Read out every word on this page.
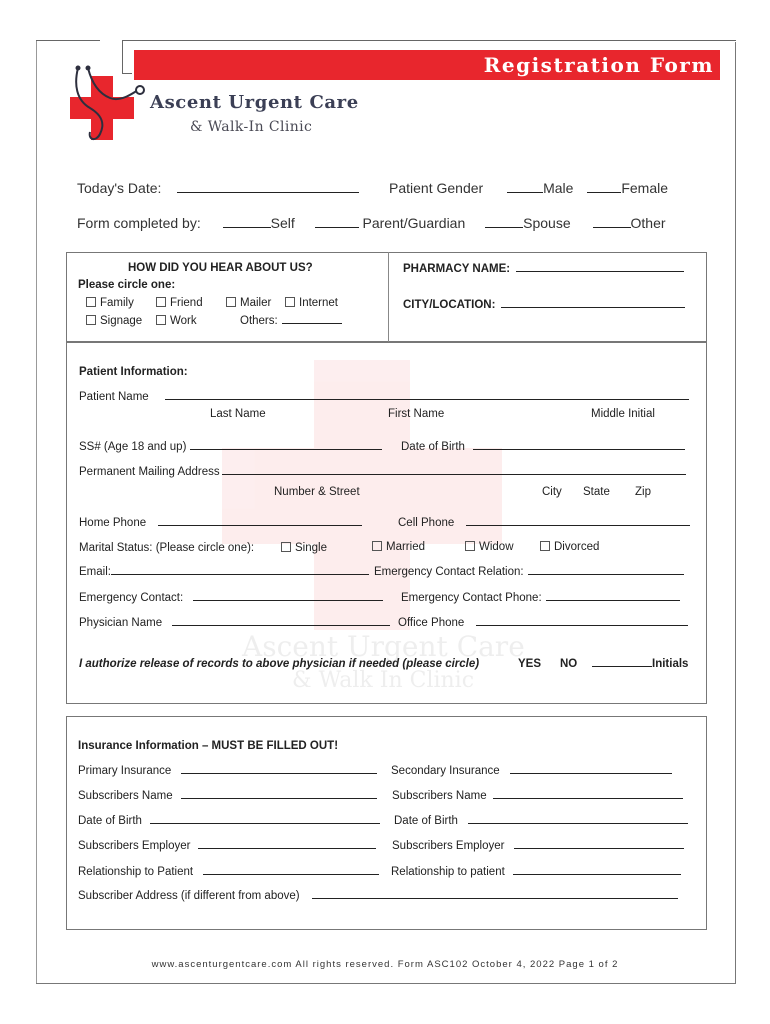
Registration Form
Ascent Urgent Care
& Walk-In Clinic
Today's Date:	Patient Gender	Male	Female
Form completed by:	Self	Parent/Guardian	Spouse	Other
HOW DID YOU HEAR ABOUT US?
Please circle one:
Family	Friend	Mailer	Internet
Signage	Work	Others:
PHARMACY NAME:
CITY/LOCATION:
Ascent Urgent Care
& Walk In Clinic
Patient Information:
Patient Name
Last Name	First Name	Middle Initial
SS# (Age 18 and up)	Date of Birth
Permanent Mailing Address
Number & Street	City State Zip
Home Phone	Cell Phone
Marital Status: (Please circle one):	Single	Married	Widow	Divorced
Email:	Emergency Contact Relation:
Emergency Contact:	Emergency Contact Phone:
Physician Name	Office Phone
I authorize release of records to above physician if needed (please circle)	YES NO	Initials
Insurance Information – MUST BE FILLED OUT!
Primary Insurance	Secondary Insurance
Subscribers Name	Subscribers Name
Date of Birth	Date of Birth
Subscribers Employer	Subscribers Employer
Relationship to Patient	Relationship to patient
Subscriber Address (if different from above)
www.ascenturgentcare.com All rights reserved. Form ASC102 October 4, 2022 Page 1 of 2
